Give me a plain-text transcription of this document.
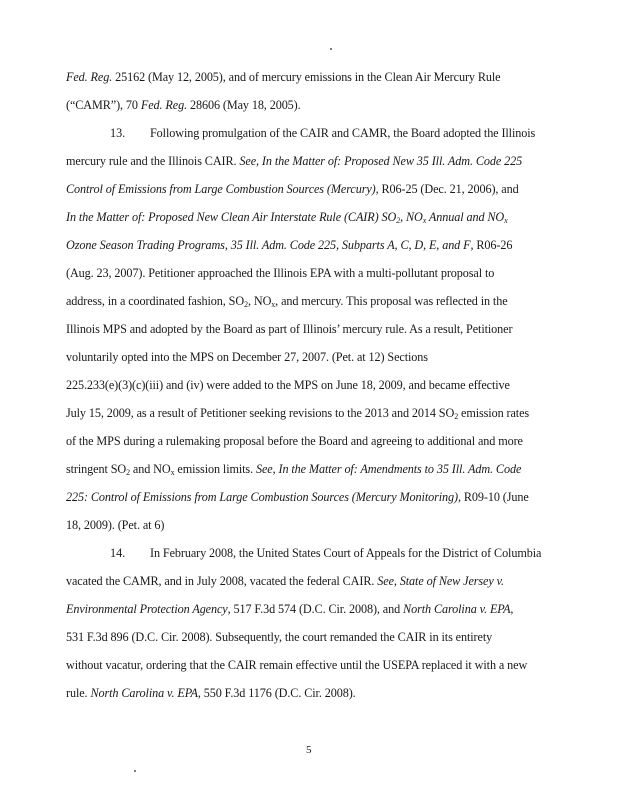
Fed. Reg. 25162 (May 12, 2005), and of mercury emissions in the Clean Air Mercury Rule
(“CAMR”), 70 Fed. Reg. 28606 (May 18, 2005).
13. Following promulgation of the CAIR and CAMR, the Board adopted the Illinois
mercury rule and the Illinois CAIR. See, In the Matter of: Proposed New 35 Ill. Adm. Code 225
Control of Emissions from Large Combustion Sources (Mercury), R06-25 (Dec. 21, 2006), and
In the Matter of: Proposed New Clean Air Interstate Rule (CAIR) $SO_2$, $NO_x$ Annual and $NO_x$
Ozone Season Trading Programs, 35 Ill. Adm. Code 225, Subparts A, C, D, E, and F, R06-26
(Aug. 23, 2007). Petitioner approached the Illinois EPA with a multi-pollutant proposal to
address, in a coordinated fashion, $SO_2$, $NO_x$, and mercury. This proposal was reflected in the
Illinois MPS and adopted by the Board as part of Illinois’ mercury rule. As a result, Petitioner
voluntarily opted into the MPS on December 27, 2007. (Pet. at 12) Sections
225.233(e)(3)(c)(iii) and (iv) were added to the MPS on June 18, 2009, and became effective
July 15, 2009, as a result of Petitioner seeking revisions to the 2013 and 2014 $SO_2$ emission rates
of the MPS during a rulemaking proposal before the Board and agreeing to additional and more
stringent $SO_2$ and $NO_x$ emission limits. See, In the Matter of: Amendments to 35 Ill. Adm. Code
225: Control of Emissions from Large Combustion Sources (Mercury Monitoring), R09-10 (June
18, 2009). (Pet. at 6)
14. In February 2008, the United States Court of Appeals for the District of Columbia
vacated the CAMR, and in July 2008, vacated the federal CAIR. See, State of New Jersey v.
Environmental Protection Agency, 517 F.3d 574 (D.C. Cir. 2008), and North Carolina v. EPA,
531 F.3d 896 (D.C. Cir. 2008). Subsequently, the court remanded the CAIR in its entirety
without vacatur, ordering that the CAIR remain effective until the USEPA replaced it with a new
rule. North Carolina v. EPA, 550 F.3d 1176 (D.C. Cir. 2008).
5
